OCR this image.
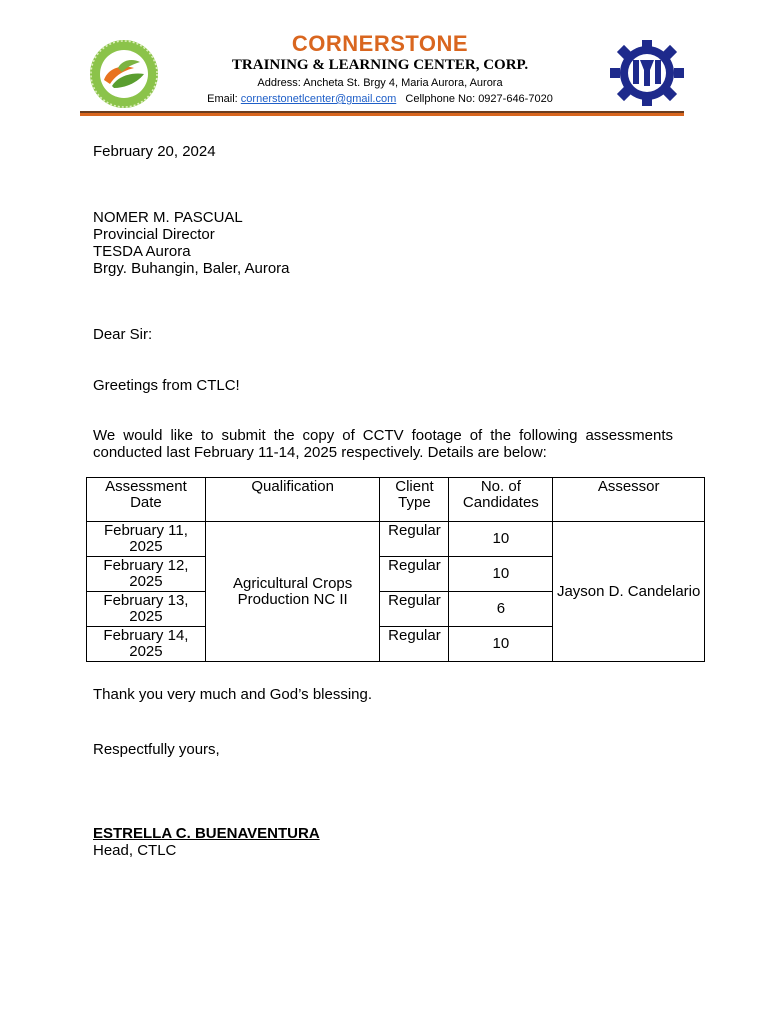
CORNERSTONE
TRAINING & LEARNING CENTER, CORP.
Address: Ancheta St. Brgy 4, Maria Aurora, Aurora
Email: cornerstonetlcenter@gmail.com Cellphone No: 0927-646-7020
February 20, 2024
NOMER M. PASCUAL
Provincial Director
TESDA Aurora
Brgy. Buhangin, Baler, Aurora
Dear Sir:
Greetings from CTLC!
We would like to submit the copy of CCTV footage of the following assessments
conducted last February 11-14, 2025 respectively. Details are below:
Assessment Date	Qualification	Client Type	No. of Candidates	Assessor
February 11, 2025	Agricultural Crops Production NC II	Regular	10	Jayson D. Candelario
February 12, 2025		Regular	10	
February 13, 2025		Regular	6	
February 14, 2025		Regular	10	
Thank you very much and God’s blessing.
Respectfully yours,
ESTRELLA C. BUENAVENTURA
Head, CTLC
